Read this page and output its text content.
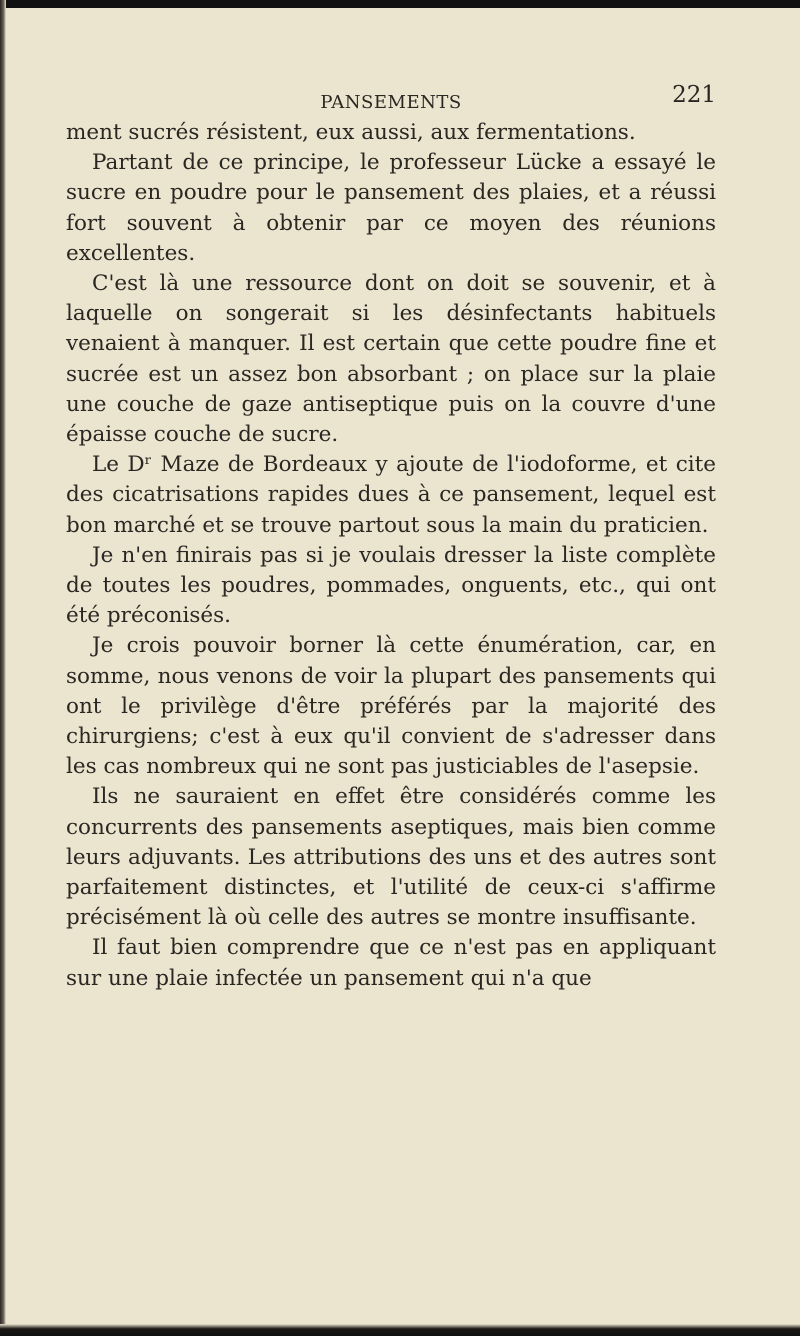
PANSEMENTS	221

ment sucrés résistent, eux aussi, aux fermentations.

Partant de ce principe, le professeur Lücke a essayé le sucre en poudre pour le pansement des plaies, et a réussi fort souvent à obtenir par ce moyen des réunions excellentes.

C'est là une ressource dont on doit se souvenir, et à laquelle on songerait si les désinfectants habituels venaient à manquer. Il est certain que cette poudre fine et sucrée est un assez bon absorbant ; on place sur la plaie une couche de gaze antiseptique puis on la couvre d'une épaisse couche de sucre.

Le Dʳ Maze de Bordeaux y ajoute de l'iodoforme, et cite des cicatrisations rapides dues à ce pansement, lequel est bon marché et se trouve partout sous la main du praticien.

Je n'en finirais pas si je voulais dresser la liste complète de toutes les poudres, pommades, onguents, etc., qui ont été préconisés.

Je crois pouvoir borner là cette énumération, car, en somme, nous venons de voir la plupart des pansements qui ont le privilège d'être préférés par la majorité des chirurgiens; c'est à eux qu'il convient de s'adresser dans les cas nombreux qui ne sont pas justiciables de l'asepsie.

Ils ne sauraient en effet être considérés comme les concurrents des pansements aseptiques, mais bien comme leurs adjuvants. Les attributions des uns et des autres sont parfaitement distinctes, et l'utilité de ceux-ci s'affirme précisément là où celle des autres se montre insuffisante.

Il faut bien comprendre que ce n'est pas en appliquant sur une plaie infectée un pansement qui n'a que
